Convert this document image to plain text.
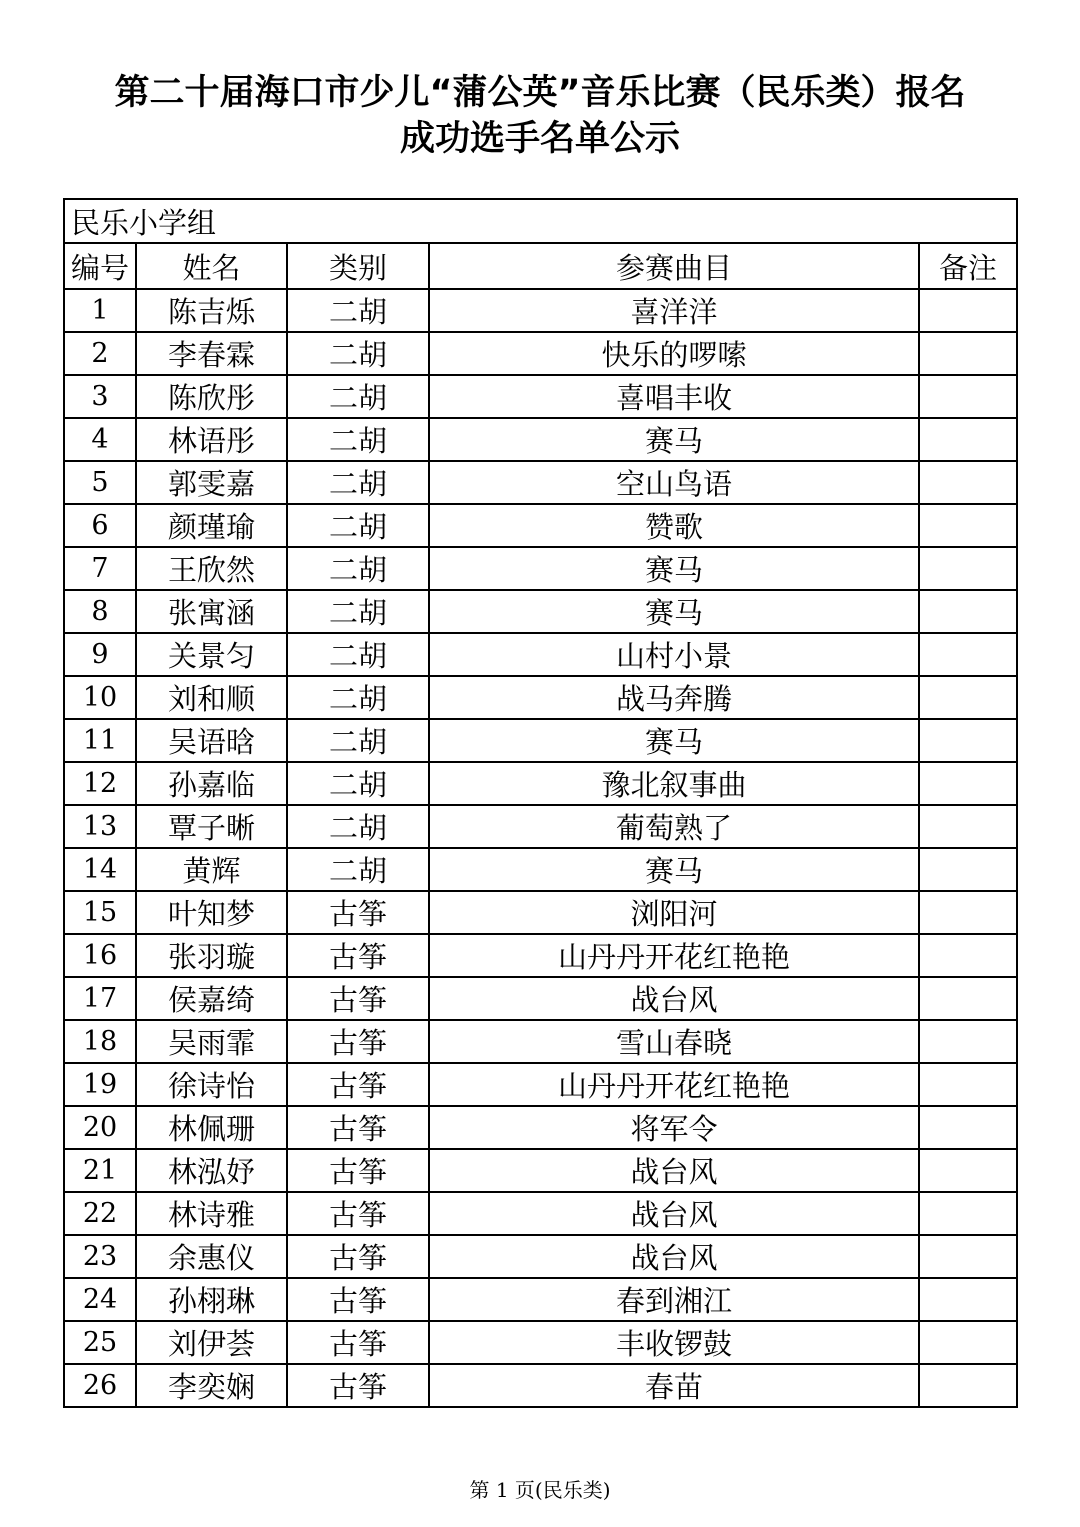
第二十届海口市少儿“蒲公英”音乐比赛（民乐类）报名
成功选手名单公示
民乐小学组				
编号	姓名	类别	参赛曲目	备注
1	陈吉烁	二胡	喜洋洋	
2	李春霖	二胡	快乐的啰嗦	
3	陈欣彤	二胡	喜唱丰收	
4	林语彤	二胡	赛马	
5	郭雯嘉	二胡	空山鸟语	
6	颜瑾瑜	二胡	赞歌	
7	王欣然	二胡	赛马	
8	张寓涵	二胡	赛马	
9	关景匀	二胡	山村小景	
10	刘和顺	二胡	战马奔腾	
11	吴语晗	二胡	赛马	
12	孙嘉临	二胡	豫北叙事曲	
13	覃子晰	二胡	葡萄熟了	
14	黄辉	二胡	赛马	
15	叶知梦	古筝	浏阳河	
16	张羽璇	古筝	山丹丹开花红艳艳	
17	侯嘉绮	古筝	战台风	
18	吴雨霏	古筝	雪山春晓	
19	徐诗怡	古筝	山丹丹开花红艳艳	
20	林佩珊	古筝	将军令	
21	林泓妤	古筝	战台风	
22	林诗雅	古筝	战台风	
23	余惠仪	古筝	战台风	
24	孙栩琳	古筝	春到湘江	
25	刘伊荟	古筝	丰收锣鼓	
26	李奕娴	古筝	春苗	
第 1 页(民乐类)
